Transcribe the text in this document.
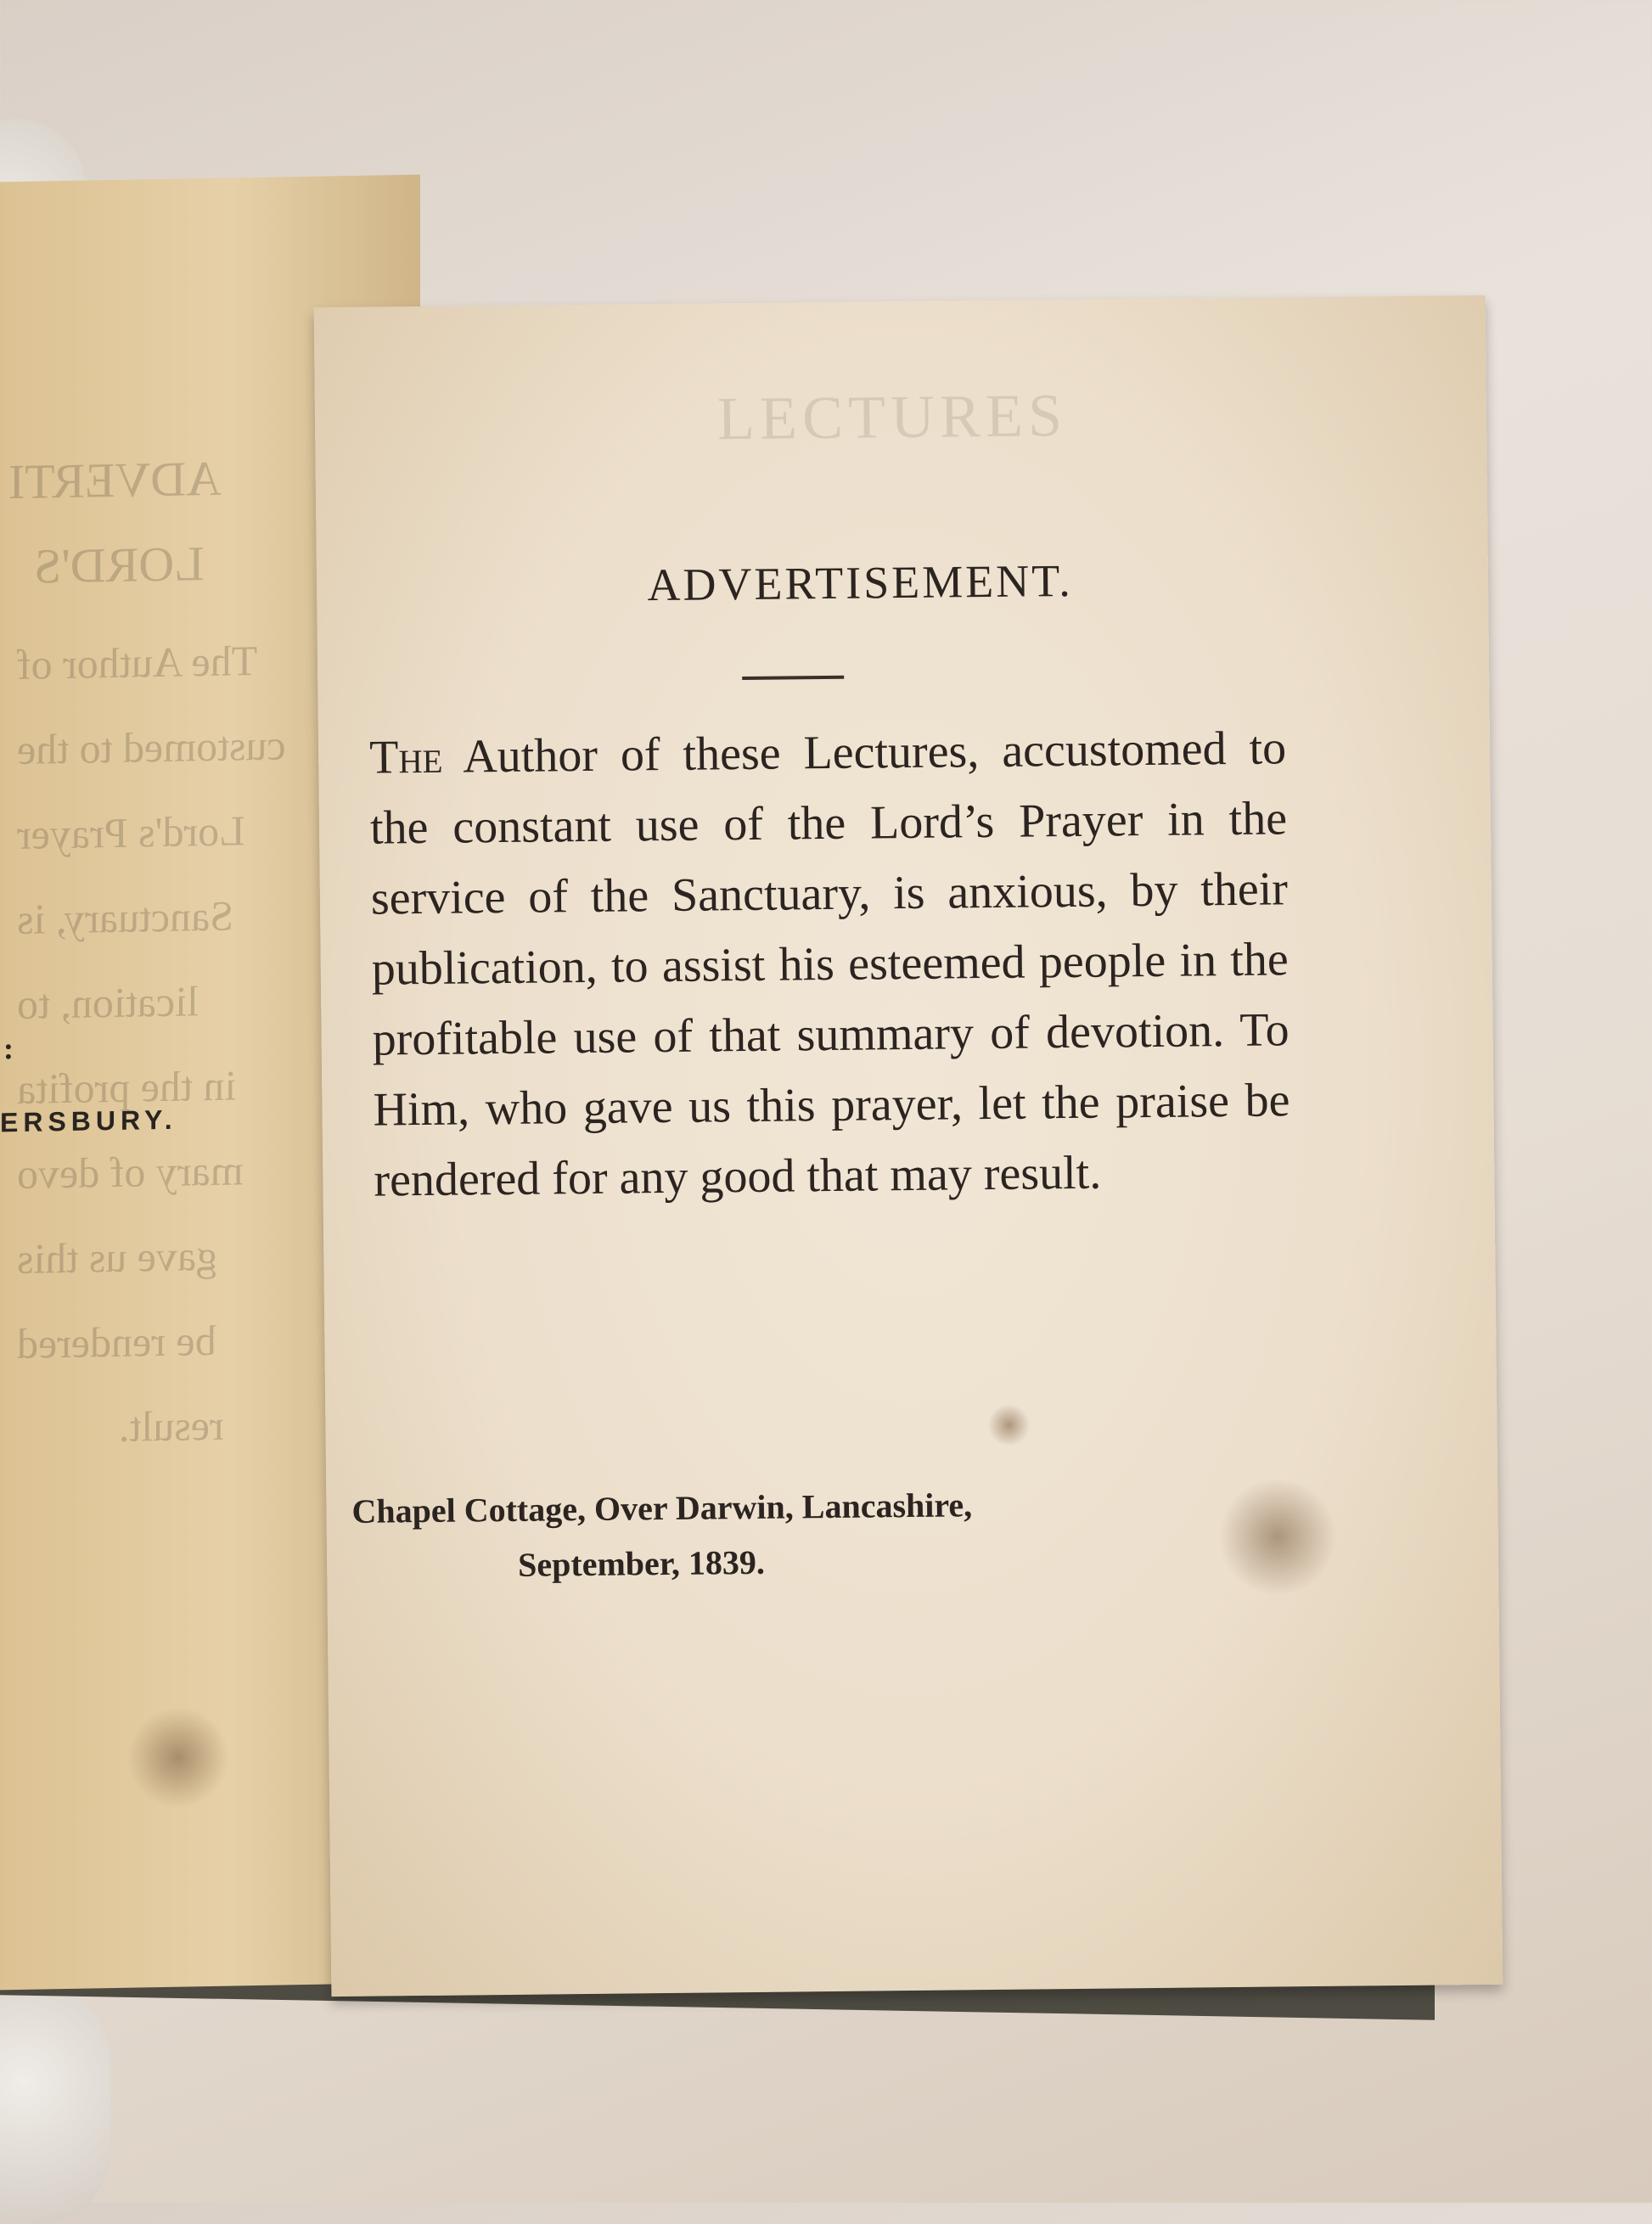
ADVERTI
LORD'S
The Author of
customed to the
Lord's Prayer
Sanctuary, is
lication, to
in the profita
mary of devo
gave us this
be rendered
result.
:
ERSBURY.
LECTURES
ADVERTISEMENT.
The Author of these Lectures, accustomed to the constant use of the Lord’s Prayer in the service of the Sanctuary, is anxious, by their publication, to assist his esteemed people in the profitable use of that summary of devotion. To Him, who gave us this prayer, let the praise be rendered for any good that may result.
Chapel Cottage, Over Darwin, Lancashire,
September, 1839.
